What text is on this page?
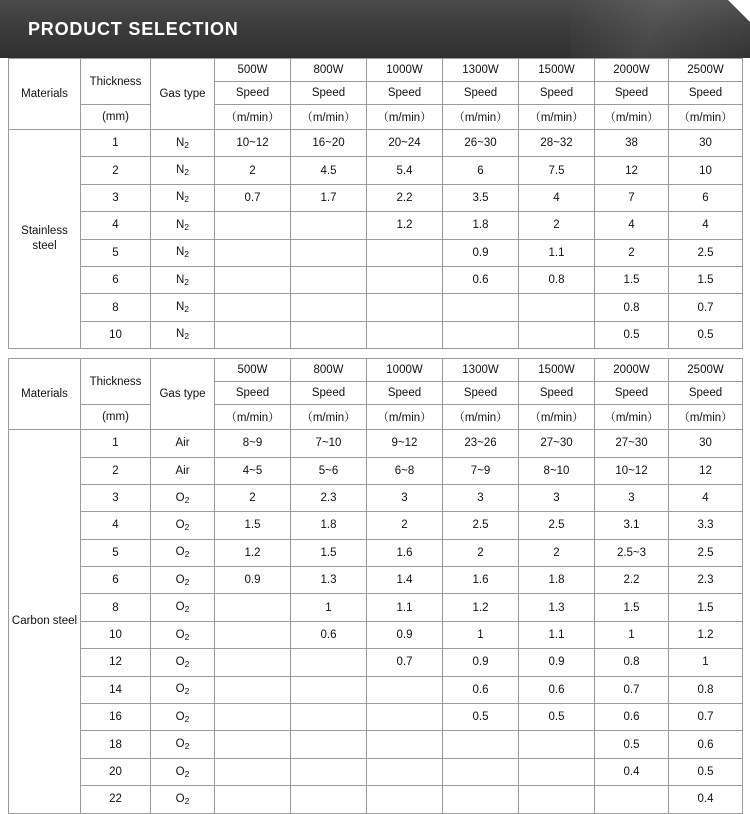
PRODUCT SELECTION
Materials	Thickness	Gas type	500W	800W	1000W	1300W	1500W	2000W	2500W
			Speed	Speed	Speed	Speed	Speed	Speed	Speed
	(mm)		（m/min）	（m/min）	（m/min）	（m/min）	（m/min）	（m/min）	（m/min）
Stainless steel	1	$N_2$	10~12	16~20	20~24	26~30	28~32	38	30
	2	$N_2$	2	4.5	5.4	6	7.5	12	10
	3	$N_2$	0.7	1.7	2.2	3.5	4	7	6
	4	$N_2$			1.2	1.8	2	4	4
	5	$N_2$				0.9	1.1	2	2.5
	6	$N_2$				0.6	0.8	1.5	1.5
	8	$N_2$						0.8	0.7
	10	$N_2$						0.5	0.5
Materials	Thickness	Gas type	500W	800W	1000W	1300W	1500W	2000W	2500W
			Speed	Speed	Speed	Speed	Speed	Speed	Speed
	(mm)		（m/min）	（m/min）	（m/min）	（m/min）	（m/min）	（m/min）	（m/min）
Carbon steel	1	Air	8~9	7~10	9~12	23~26	27~30	27~30	30
	2	Air	4~5	5~6	6~8	7~9	8~10	10~12	12
	3	$O_2$	2	2.3	3	3	3	3	4
	4	$O_2$	1.5	1.8	2	2.5	2.5	3.1	3.3
	5	$O_2$	1.2	1.5	1.6	2	2	2.5~3	2.5
	6	$O_2$	0.9	1.3	1.4	1.6	1.8	2.2	2.3
	8	$O_2$		1	1.1	1.2	1.3	1.5	1.5
	10	$O_2$		0.6	0.9	1	1.1	1	1.2
	12	$O_2$			0.7	0.9	0.9	0.8	1
	14	$O_2$				0.6	0.6	0.7	0.8
	16	$O_2$				0.5	0.5	0.6	0.7
	18	$O_2$						0.5	0.6
	20	$O_2$						0.4	0.5
	22	$O_2$							0.4
